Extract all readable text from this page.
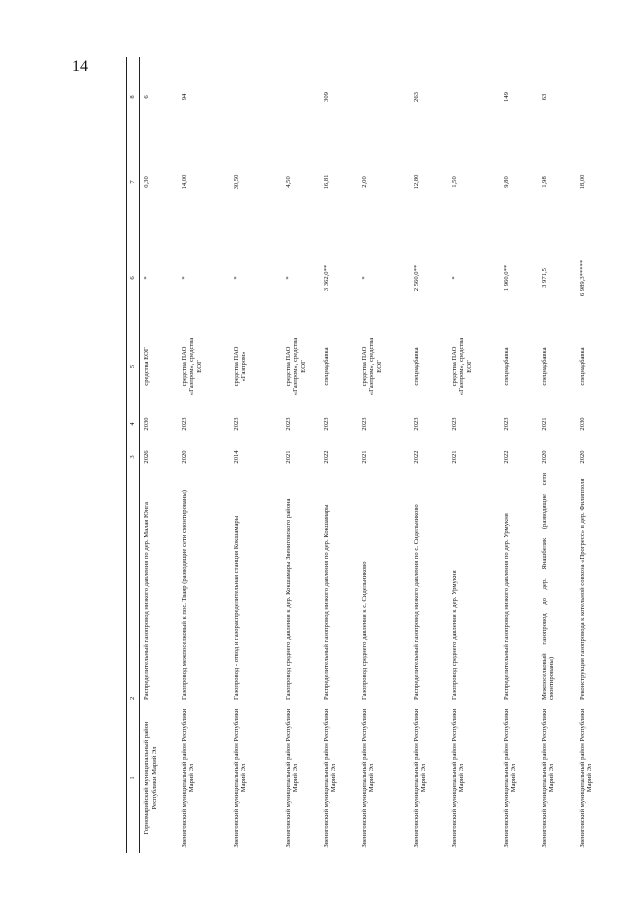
14
1	2	3	4	5	6	7	8
Горномарийский муниципальный район Республики Марий Эл	Распределительный газопровод низкого давления по дер. Малая Юнга	2026	2030	средства ЕОГ	*	0,30	6
Звениговский муниципальный район Республики Марий Эл	Газопровод межпоселковый к пос. Тваяр (разводящие сети смонтированы)	2020	2023	средства ПАО «Газпром», средства ЕОГ	*	14,00	94
Звениговский муниципальный район Республики Марий Эл	Газопровод - отвод и газораспределительная станция Кокшамары	2014	2023	средства ПАО «Газпром»	*	30,50	
Звениговский муниципальный район Республики Марий Эл	Газопровод среднего давления к дер. Кокшамары Звениговского района	2021	2023	средства ПАО «Газпром», средства ЕОГ	*	4,50	
Звениговский муниципальный район Республики Марий Эл	Распределительный газопровод низкого давления по дер. Кокшамары	2022	2023	спецнадбавка	3 362,0**	16,81	309
Звениговский муниципальный район Республики Марий Эл	Газопровод среднего давления к с. Сидельниково	2021	2023	средства ПАО «Газпром», средства ЕОГ	*	2,00	
Звениговский муниципальный район Республики Марий Эл	Распределительный газопровод низкого давления по с. Сидельниково	2022	2023	спецнадбавка	2 560,0**	12,80	263
Звениговский муниципальный район Республики Марий Эл	Газопровод среднего давления к дер. Урмукня	2021	2023	средства ПАО «Газпром», средства ЕОГ	*	1,50	
Звениговский муниципальный район Республики Марий Эл	Распределительный газопровод низкого давления по дер. Урмукня	2022	2023	спецнадбавка	1 960,0**	9,80	149
Звениговский муниципальный район Республики Марий Эл	Межпоселковый газопровод до дер. Янашбеляк (разводящие сети смонтированы)	2020	2021	спецнадбавка	3 971,5	1,98	63
Звениговский муниципальный район Республики Марий Эл	Реконструкция газопровода к котельной совхоза «Прогресс» в дер. Филипполя	2020	2030	спецнадбавка	6 989,3*****	18,00	
